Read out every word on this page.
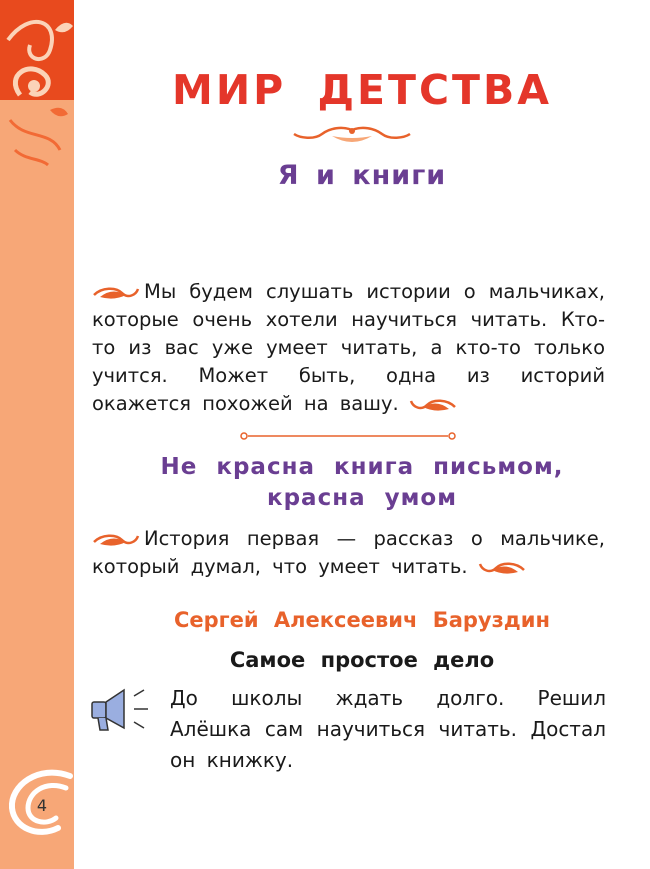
4
МИР ДЕТСТВА
Я и книги
Мы будем слушать истории о мальчиках, которые очень хотели научиться читать. Кто-то из вас уже умеет читать, а кто-то только учится. Может быть, одна из историй окажется похожей на вашу.
Не красна книга письмом,
красна умом
История первая — рассказ о мальчике, который думал, что умеет читать.
Сергей Алексеевич Баруздин
Самое простое дело
До школы ждать долго. Решил Алёшка сам научиться читать. Достал он книжку.
